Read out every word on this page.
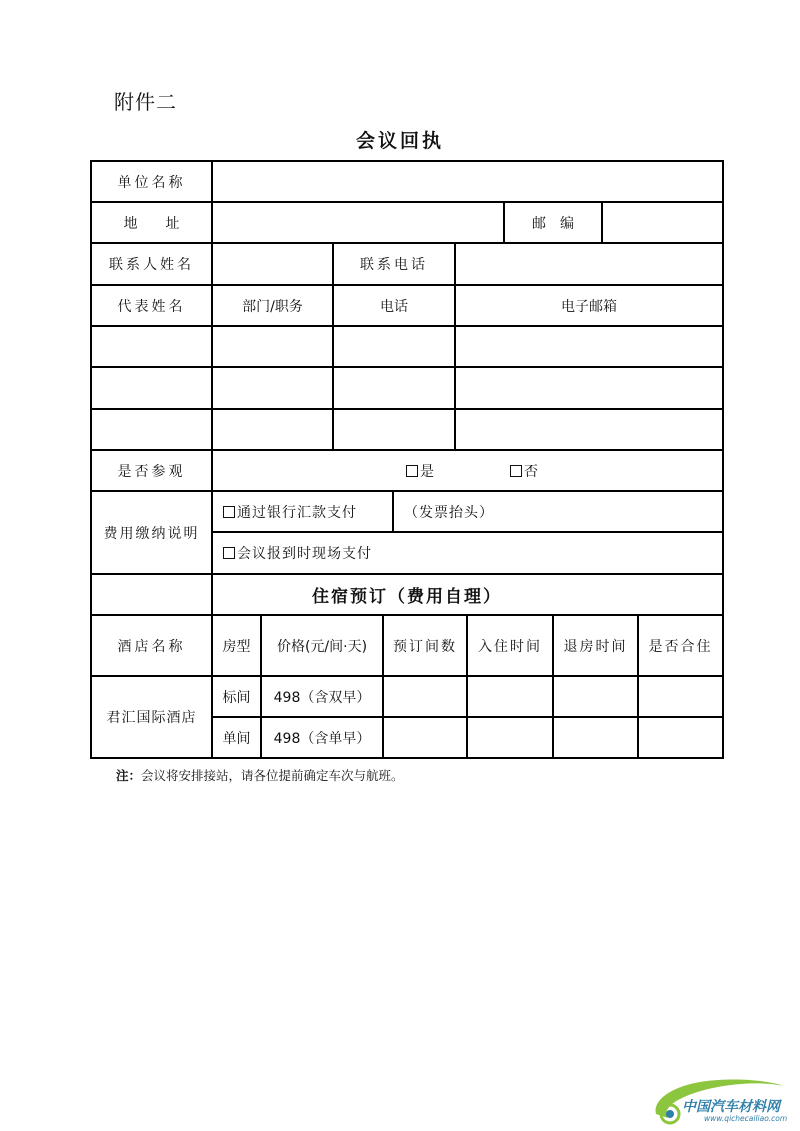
附件二
会议回执
单位名称
地　　址	邮　编
联系人姓名	联系电话
代表姓名	部门/职务	电话	电子邮箱
是否参观	是	否
费用缴纳说明
通过银行汇款支付	（发票抬头）
会议报到时现场支付
住宿预订（费用自理）
酒店名称	房型	价格(元/间·天)	预订间数	入住时间	退房时间	是否合住
君汇国际酒店
标间	498（含双早）
单间	498（含单早）
注：会议将安排接站，请各位提前确定车次与航班。
中国汽车材料网
www.qichecailiao.com
